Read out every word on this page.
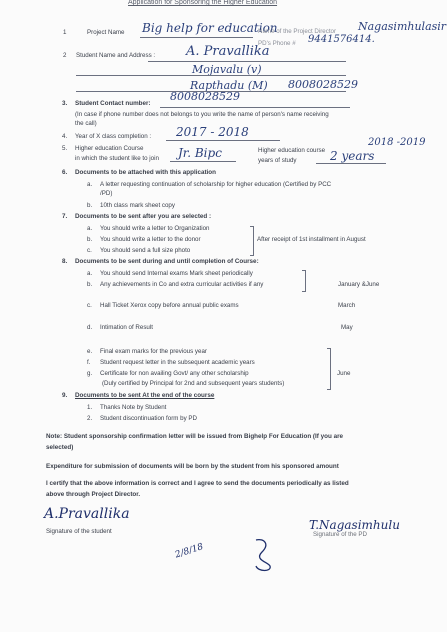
Application for Sponsoring the Higher Education
1	Project Name Big help for education
Name of the Project Director Nagasimhulasir
PD's Phone # 9441576414.
2 Student Name and Address : A. Pravallika
Mojavalu (v)
Rapthadu (M) 8008028529
3. Student Contact number:
8008028529
(In case if phone number does not belongs to you write the name of person's name receiving
the call)
4. Year of X class completion : 2017 - 2018
5. Higher education Course
in which the student like to join Jr. Bipc	Higher education course
years of study
2018 -2019
2 years
6. Documents to be attached with this application
a. A letter requesting continuation of scholarship for higher education (Certified by PCC
/PD)
b. 10th class mark sheet copy
7. Documents to be sent after you are selected :
a. You should write a letter to Organization
b. You should write a letter to the donor
c. You should send a full size photo
After receipt of 1st installment in August
8. Documents to be sent during and until completion of Course:
a. You should send Internal exams Mark sheet periodically
b. Any achievements in Co and extra curricular activities if any	January &June
c. Hall Ticket Xerox copy before annual public exams	March
d. Intimation of Result	May
e. Final exam marks for the previous year
f. Student request letter in the subsequent academic years
g. Certificate for non availing Govt/ any other scholarship
(Duly certified by Principal for 2nd and subsequent years students)
June
9. Documents to be sent At the end of the course
1. Thanks Note by Student
2. Student discontinuation form by PD
Note: Student sponsorship confirmation letter will be issued from Bighelp For Education (If you are
selected)
Expenditure for submission of documents will be born by the student from his sponsored amount
I certify that the above information is correct and I agree to send the documents periodically as listed
above through Project Director.
A.Pravallika
Signature of the student	T.Nagasimhulu
Signature of the PD
2/8/18
